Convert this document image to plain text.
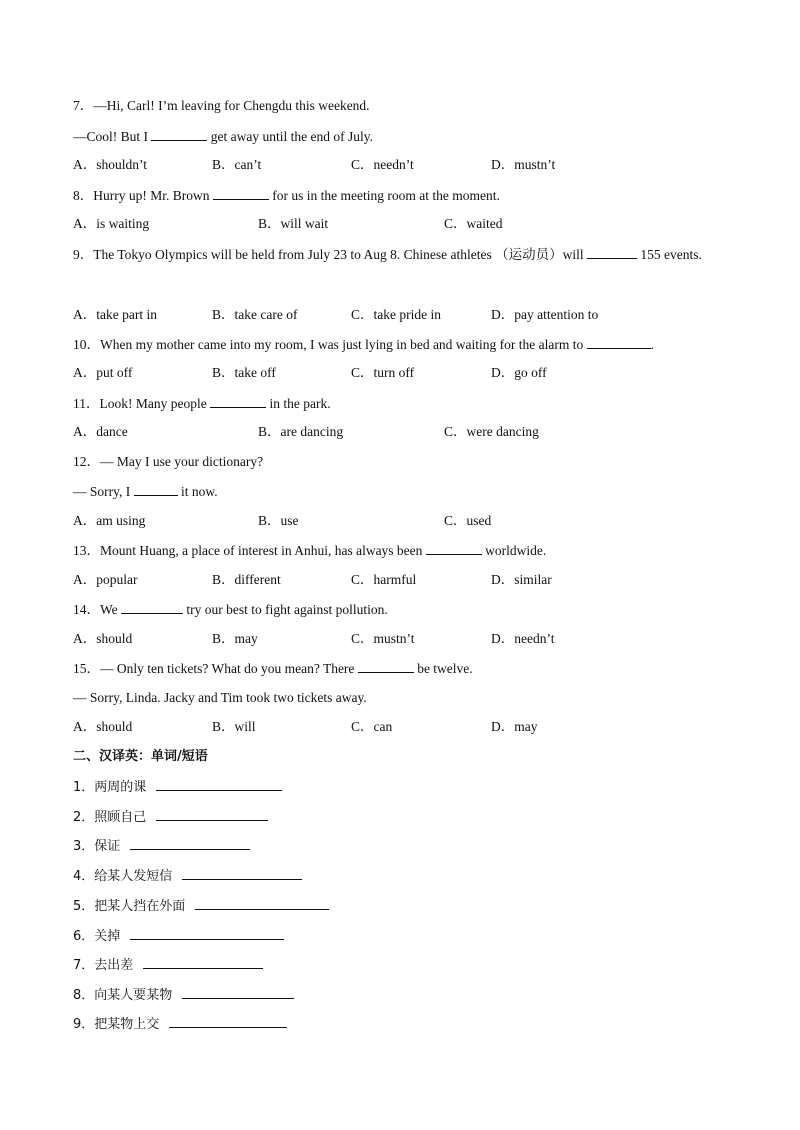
7．—Hi, Carl! I’m leaving for Chengdu this weekend.
—Cool! But I	get away until the end of July.
A．shouldn’t	B．can’t	C．needn’t	D．mustn’t
8．Hurry up! Mr. Brown	for us in the meeting room at the moment.
A．is waiting	B．will wait	C．waited
9．The Tokyo Olympics will be held from July 23 to Aug 8. Chinese athletes （运动员）will	155 events.
A．take part in	B．take care of	C．take pride in	D．pay attention to
10．When my mother came into my room, I was just lying in bed and waiting for the alarm to	.
A．put off	B．take off	C．turn off	D．go off
11．Look! Many people	in the park.
A．dance	B．are dancing	C．were dancing
12．— May I use your dictionary?
— Sorry, I	it now.
A．am using	B．use	C．used
13．Mount Huang, a place of interest in Anhui, has always been	worldwide.
A．popular	B．different	C．harmful	D．similar
14．We	try our best to fight against pollution.
A．should	B．may	C．mustn’t	D．needn’t
15．— Only ten tickets? What do you mean? There	be twelve.
— Sorry, Linda. Jacky and Tim took two tickets away.
A．should	B．will	C．can	D．may
二、汉译英：单词/短语
1．两周的课
2．照顾自己
3．保证
4．给某人发短信
5．把某人挡在外面
6．关掉
7．去出差
8．向某人要某物
9．把某物上交
